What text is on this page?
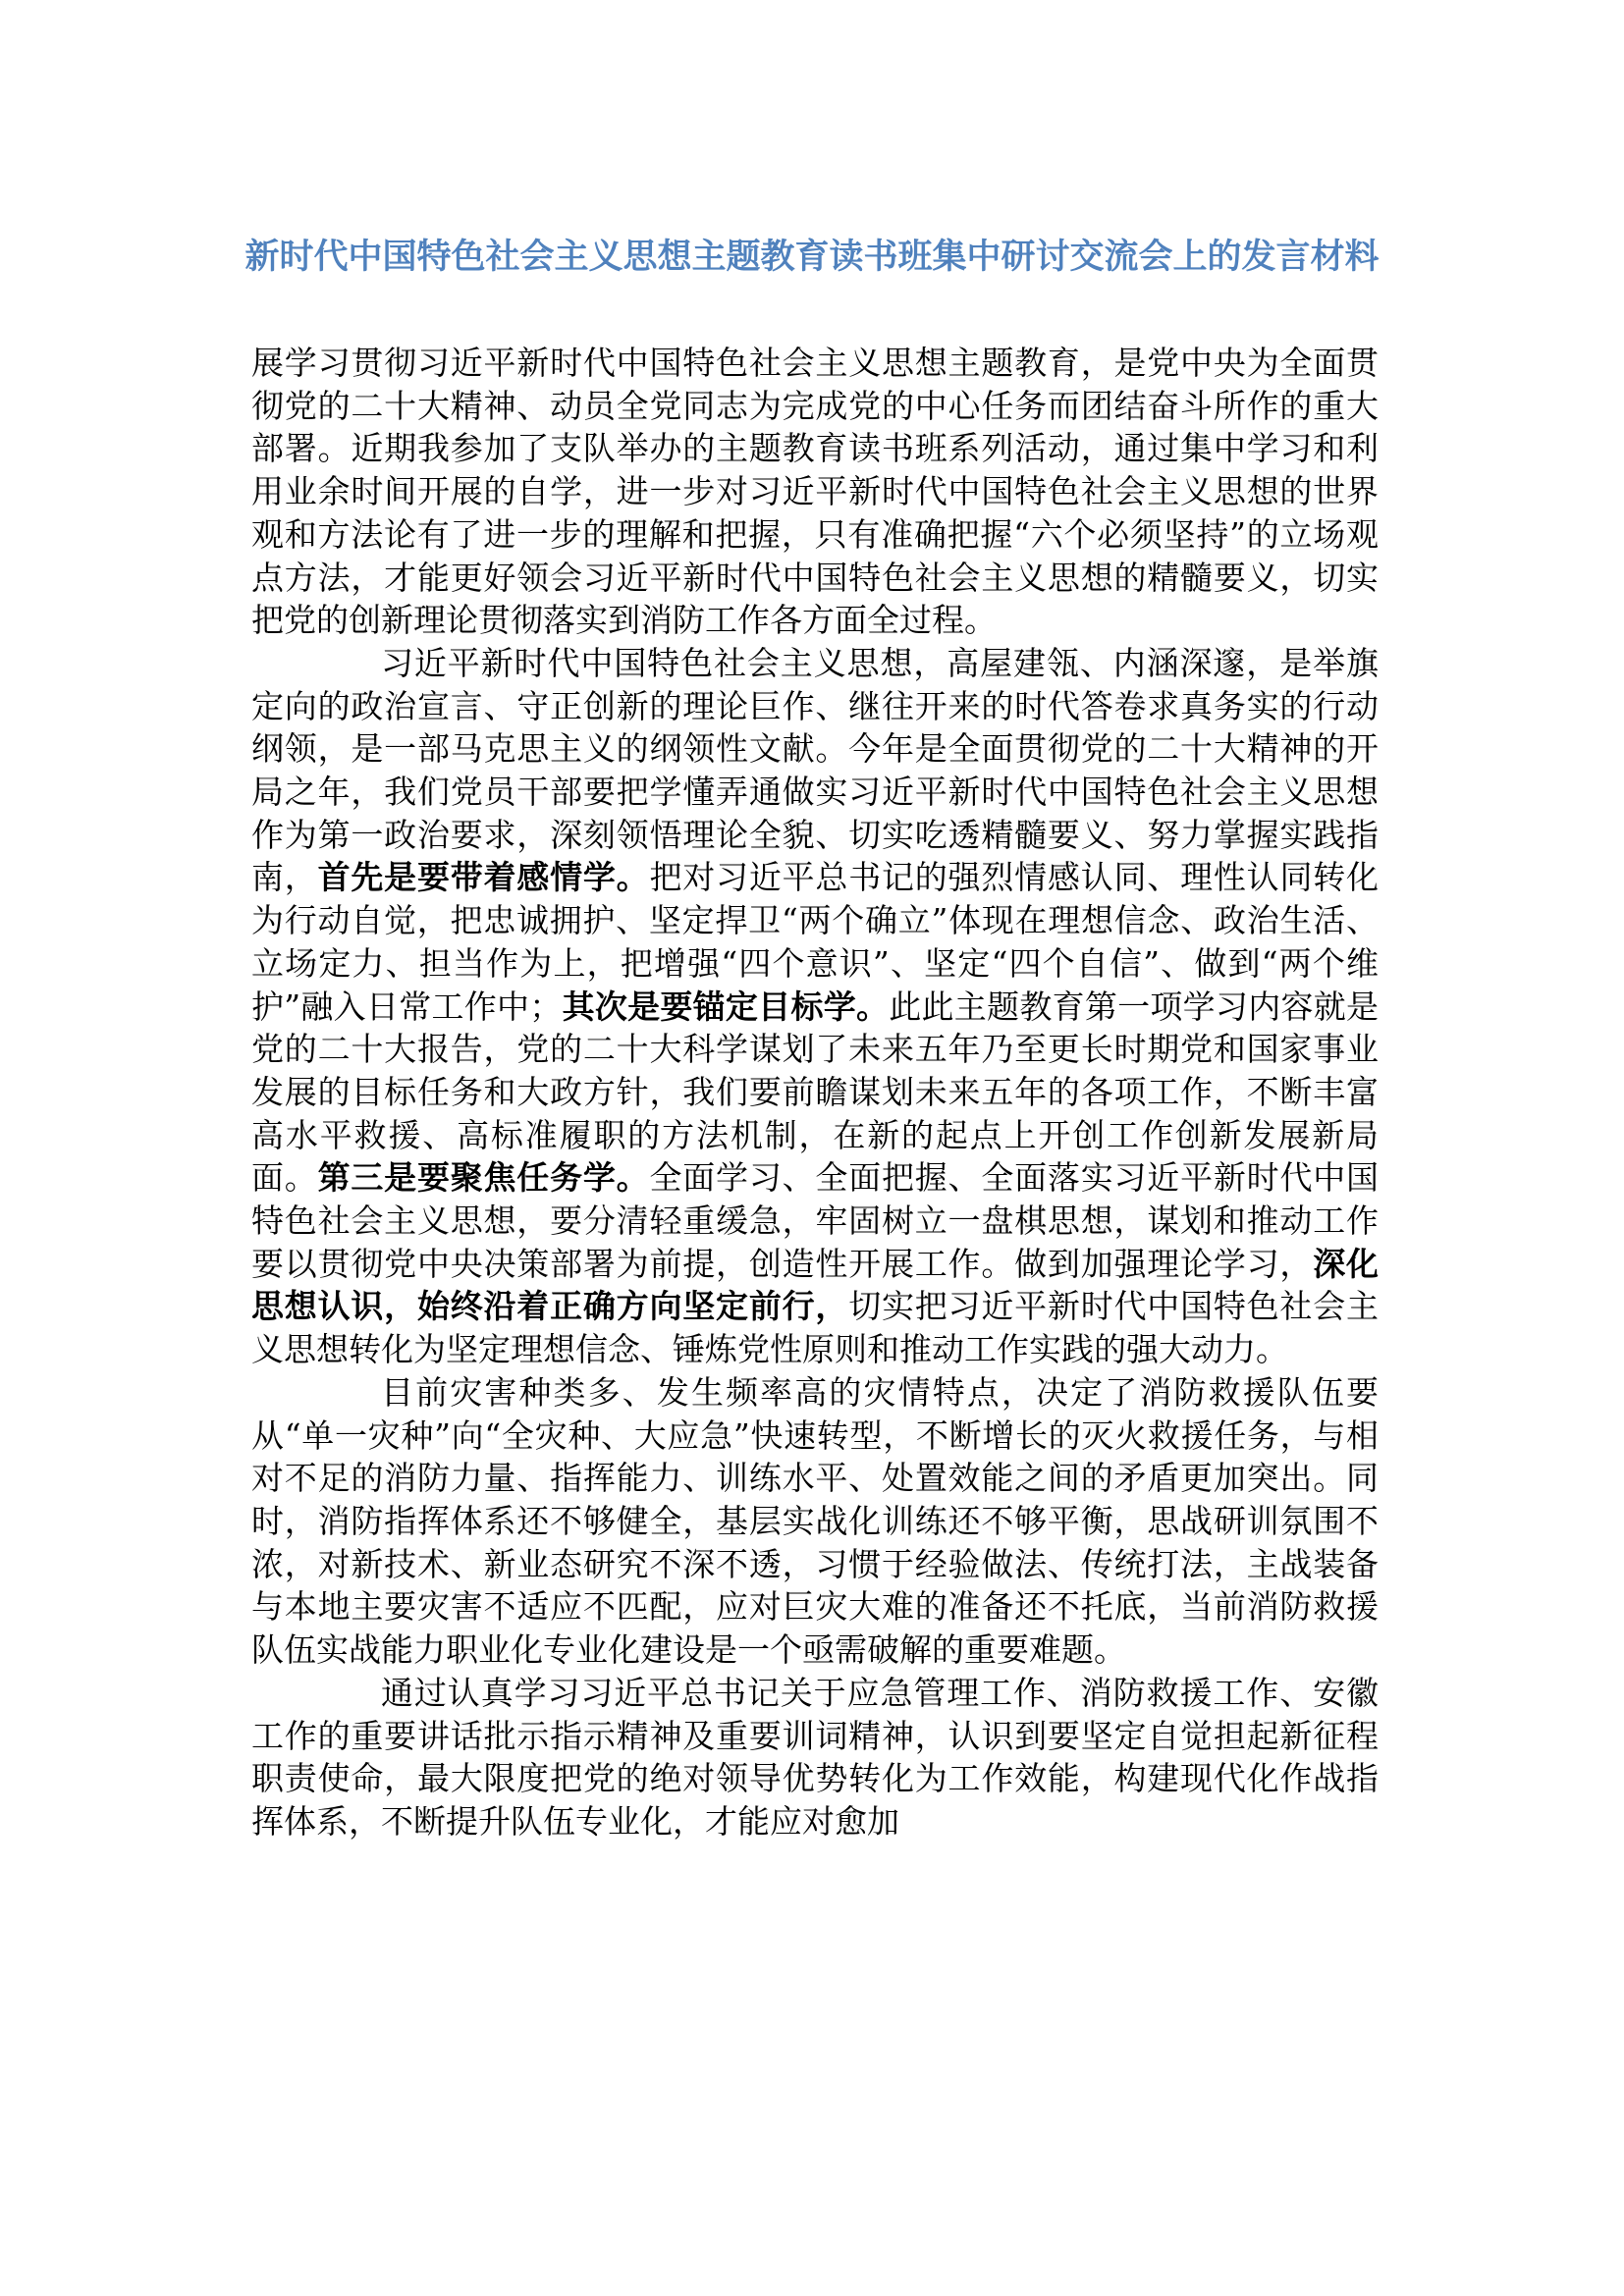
新时代中国特色社会主义思想主题教育读书班集中研讨交流会上的发言材料

展学习贯彻习近平新时代中国特色社会主义思想主题教育，是党中央为全面贯彻党的二十大精神、动员全党同志为完成党的中心任务而团结奋斗所作的重大部署。近期我参加了支队举办的主题教育读书班系列活动，通过集中学习和利用业余时间开展的自学，进一步对习近平新时代中国特色社会主义思想的世界观和方法论有了进一步的理解和把握，只有准确把握“六个必须坚持”的立场观点方法，才能更好领会习近平新时代中国特色社会主义思想的精髓要义，切实把党的创新理论贯彻落实到消防工作各方面全过程。

习近平新时代中国特色社会主义思想，高屋建瓴、内涵深邃，是举旗定向的政治宣言、守正创新的理论巨作、继往开来的时代答卷求真务实的行动纲领，是一部马克思主义的纲领性文献。今年是全面贯彻党的二十大精神的开局之年，我们党员干部要把学懂弄通做实习近平新时代中国特色社会主义思想作为第一政治要求，深刻领悟理论全貌、切实吃透精髓要义、努力掌握实践指南，首先是要带着感情学。把对习近平总书记的强烈情感认同、理性认同转化为行动自觉，把忠诚拥护、坚定捍卫“两个确立”体现在理想信念、政治生活、立场定力、担当作为上，把增强“四个意识”、坚定“四个自信”、做到“两个维护”融入日常工作中；其次是要锚定目标学。此此主题教育第一项学习内容就是党的二十大报告，党的二十大科学谋划了未来五年乃至更长时期党和国家事业发展的目标任务和大政方针，我们要前瞻谋划未来五年的各项工作，不断丰富高水平救援、高标准履职的方法机制，在新的起点上开创工作创新发展新局面。第三是要聚焦任务学。全面学习、全面把握、全面落实习近平新时代中国特色社会主义思想，要分清轻重缓急，牢固树立一盘棋思想，谋划和推动工作要以贯彻党中央决策部署为前提，创造性开展工作。做到加强理论学习，深化思想认识，始终沿着正确方向坚定前行，切实把习近平新时代中国特色社会主义思想转化为坚定理想信念、锤炼党性原则和推动工作实践的强大动力。

目前灾害种类多、发生频率高的灾情特点，决定了消防救援队伍要从“单一灾种”向“全灾种、大应急”快速转型，不断增长的灭火救援任务，与相对不足的消防力量、指挥能力、训练水平、处置效能之间的矛盾更加突出。同时，消防指挥体系还不够健全，基层实战化训练还不够平衡，思战研训氛围不浓，对新技术、新业态研究不深不透，习惯于经验做法、传统打法，主战装备与本地主要灾害不适应不匹配，应对巨灾大难的准备还不托底，当前消防救援队伍实战能力职业化专业化建设是一个亟需破解的重要难题。

通过认真学习习近平总书记关于应急管理工作、消防救援工作、安徽工作的重要讲话批示指示精神及重要训词精神，认识到要坚定自觉担起新征程职责使命，最大限度把党的绝对领导优势转化为工作效能，构建现代化作战指挥体系，不断提升队伍专业化，才能应对愈加
